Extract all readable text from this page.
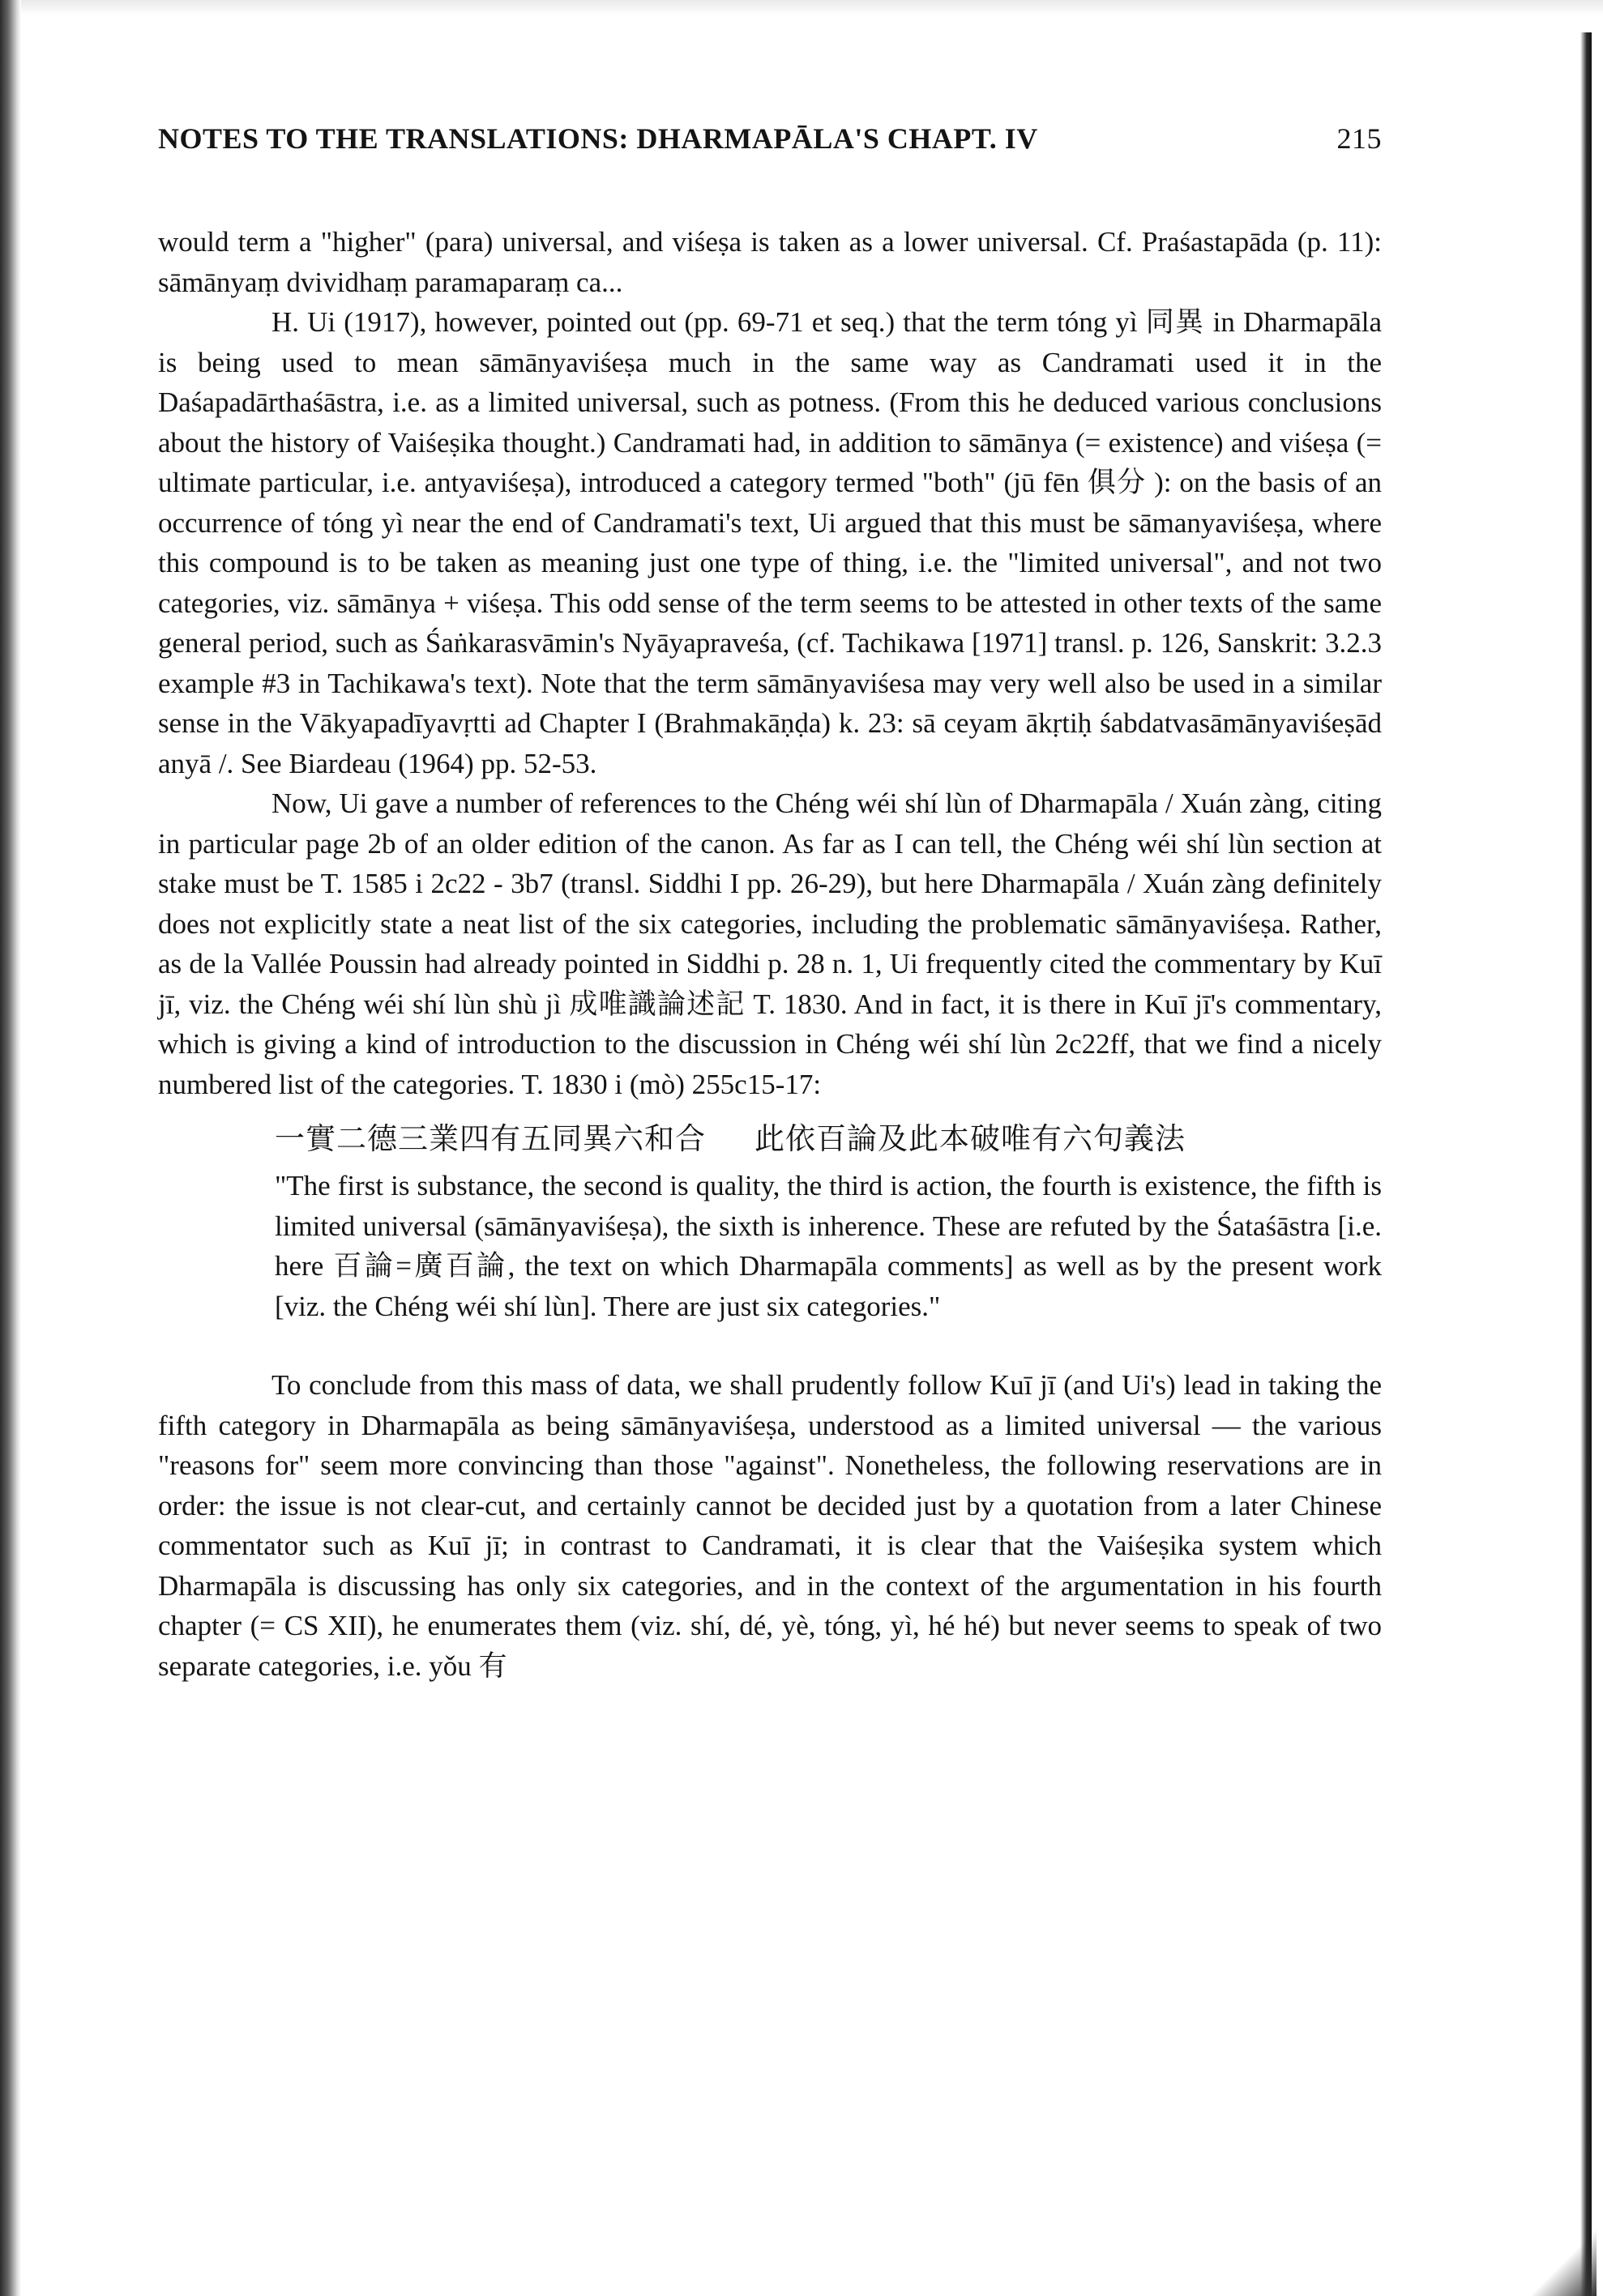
NOTES TO THE TRANSLATIONS: DHARMAPĀLA'S CHAPT. IV	215

would term a "higher" (para) universal, and viśeṣa is taken as a lower universal. Cf. Praśastapāda (p. 11): sāmānyaṃ dvividhaṃ paramaparaṃ ca...

H. Ui (1917), however, pointed out (pp. 69-71 et seq.) that the term tóng yì 同異 in Dharmapāla is being used to mean sāmānyaviśeṣa much in the same way as Candramati used it in the Daśapadārthaśāstra, i.e. as a limited universal, such as potness. (From this he deduced various conclusions about the history of Vaiśeṣika thought.) Candramati had, in addition to sāmānya (= existence) and viśeṣa (= ultimate particular, i.e. antyaviśeṣa), introduced a category termed "both" (jū fēn 俱分 ): on the basis of an occurrence of tóng yì near the end of Candramati's text, Ui argued that this must be sāmanyaviśeṣa, where this compound is to be taken as meaning just one type of thing, i.e. the "limited universal", and not two categories, viz. sāmānya + viśeṣa. This odd sense of the term seems to be attested in other texts of the same general period, such as Śaṅkarasvāmin's Nyāyapraveśa, (cf. Tachikawa [1971] transl. p. 126, Sanskrit: 3.2.3 example #3 in Tachikawa's text). Note that the term sāmānyaviśesa may very well also be used in a similar sense in the Vākyapadīyavṛtti ad Chapter I (Brahmakāṇḍa) k. 23: sā ceyam ākṛtiḥ śabdatvasāmānyaviśeṣād anyā /. See Biardeau (1964) pp. 52-53.

Now, Ui gave a number of references to the Chéng wéi shí lùn of Dharmapāla / Xuán zàng, citing in particular page 2b of an older edition of the canon. As far as I can tell, the Chéng wéi shí lùn section at stake must be T. 1585 i 2c22 - 3b7 (transl. Siddhi I pp. 26-29), but here Dharmapāla / Xuán zàng definitely does not explicitly state a neat list of the six categories, including the problematic sāmānyaviśeṣa. Rather, as de la Vallée Poussin had already pointed in Siddhi p. 28 n. 1, Ui frequently cited the commentary by Kuī jī, viz. the Chéng wéi shí lùn shù jì 成唯識論述記 T. 1830. And in fact, it is there in Kuī jī's commentary, which is giving a kind of introduction to the discussion in Chéng wéi shí lùn 2c22ff, that we find a nicely numbered list of the categories. T. 1830 i (mò) 255c15-17:

一實二德三業四有五同異六和合 此依百論及此本破唯有六句義法

"The first is substance, the second is quality, the third is action, the fourth is existence, the fifth is limited universal (sāmānyaviśeṣa), the sixth is inherence. These are refuted by the Śataśāstra [i.e. here 百論=廣百論, the text on which Dharmapāla comments] as well as by the present work [viz. the Chéng wéi shí lùn]. There are just six categories."

To conclude from this mass of data, we shall prudently follow Kuī jī (and Ui's) lead in taking the fifth category in Dharmapāla as being sāmānyaviśeṣa, understood as a limited universal — the various "reasons for" seem more convincing than those "against". Nonetheless, the following reservations are in order: the issue is not clear-cut, and certainly cannot be decided just by a quotation from a later Chinese commentator such as Kuī jī; in contrast to Candramati, it is clear that the Vaiśeṣika system which Dharmapāla is discussing has only six categories, and in the context of the argumentation in his fourth chapter (= CS XII), he enumerates them (viz. shí, dé, yè, tóng, yì, hé hé) but never seems to speak of two separate categories, i.e. yǒu 有
